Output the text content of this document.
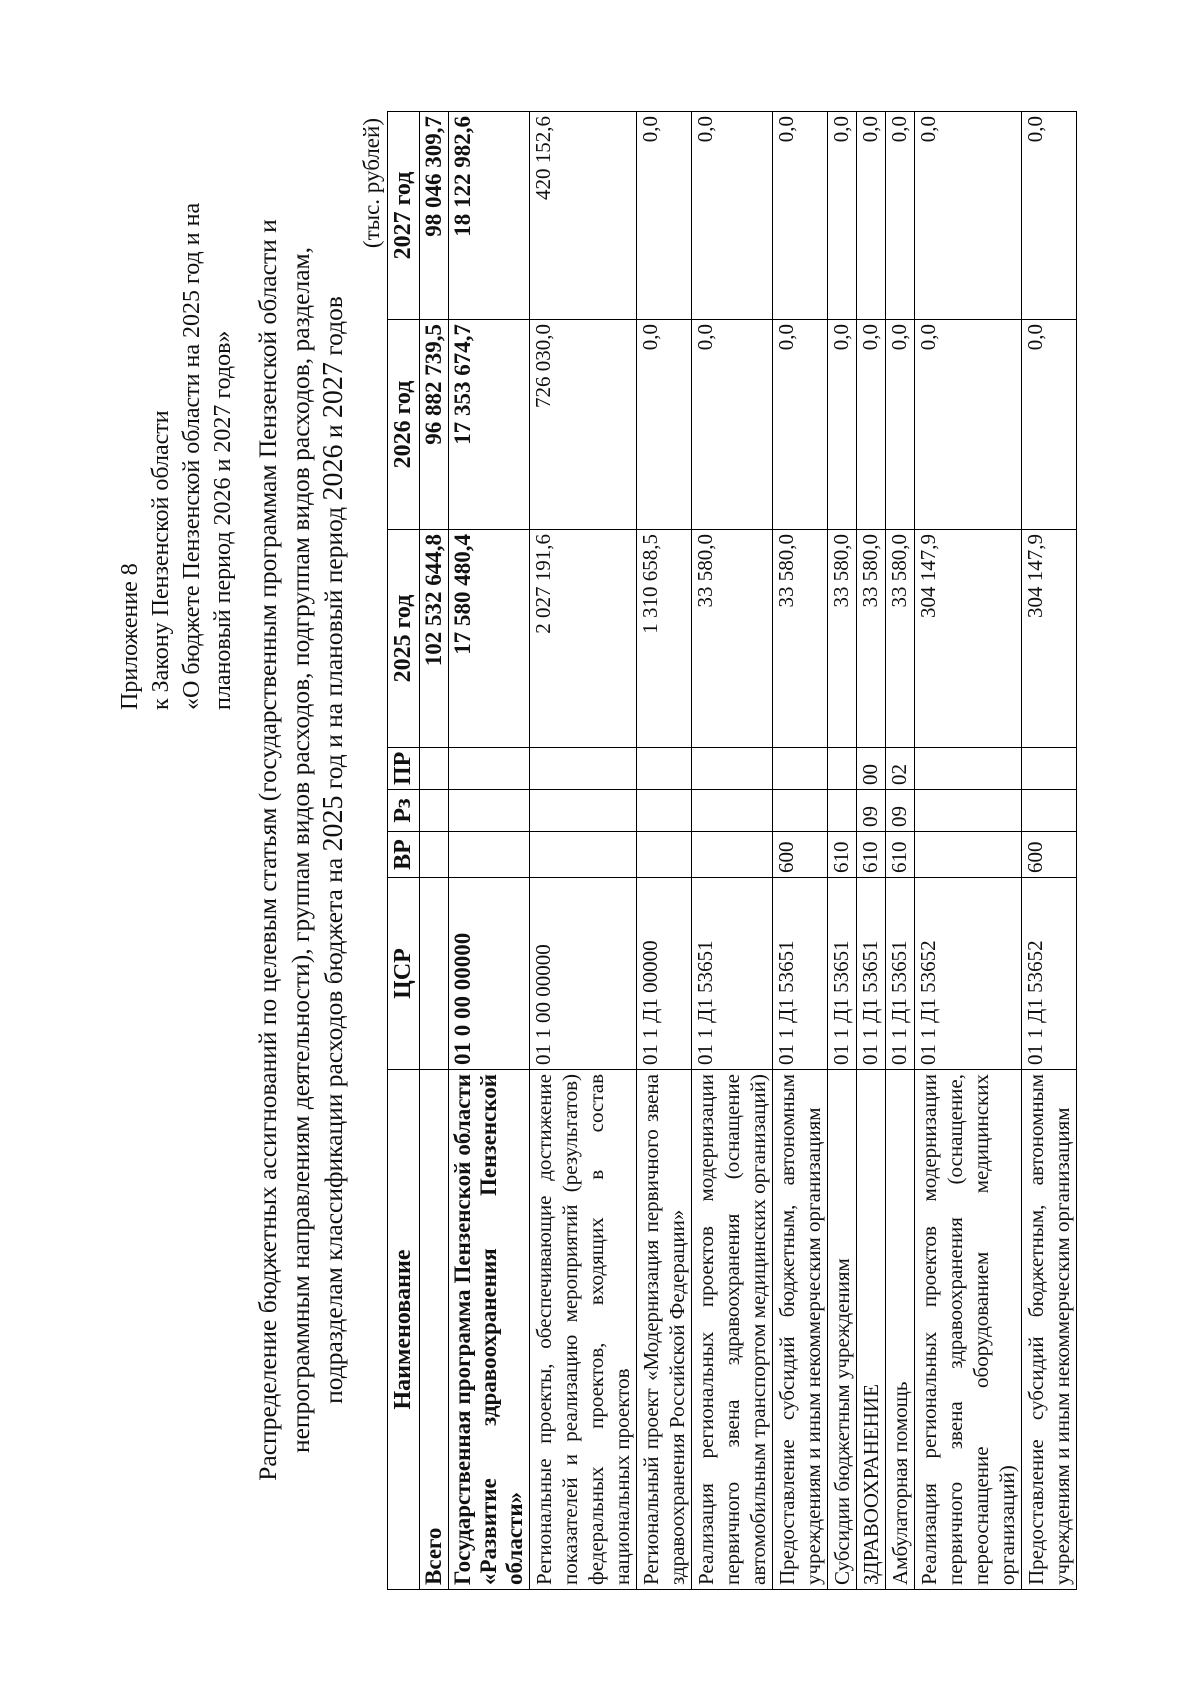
Приложение 8 к Закону Пензенской области «О бюджете Пензенской области на 2025 год и на плановый период 2026 и 2027 годов» Распределение бюджетных ассигнований по целевым статьям (государственным программам Пензенской области и непрограммным направлениям деятельности), группам видов расходов, подгруппам видов расходов, разделам, подразделам классификации расходов бюджета на 2025 год и на плановый период 2026 и 2027 годов
(тыс. рублей)
Наименование	ЦСР	ВР	Рз	ПР	2025 год	2026 год	2027 год
Всего					102 532 644,8	96 882 739,5	98 046 309,7
Государственная программа Пензенской области «Развитие здравоохранения Пензенской области»	01 0 00 00000				17 580 480,4	17 353 674,7	18 122 982,6
Региональные проекты, обеспечивающие достижение показателей и реализацию мероприятий (результатов) федеральных проектов, входящих в состав национальных проектов	01 1 00 00000				2 027 191,6	726 030,0	420 152,6
Региональный проект «Модернизация первичного звена здравоохранения Российской Федерации»	01 1 Д1 00000				1 310 658,5	0,0	0,0
Реализация региональных проектов модернизации первичного звена здравоохранения (оснащение автомобильным транспортом медицинских организаций)	01 1 Д1 53651				33 580,0	0,0	0,0
Предоставление субсидий бюджетным, автономным учреждениям и иным некоммерческим организациям	01 1 Д1 53651	600			33 580,0	0,0	0,0
Субсидии бюджетным учреждениям	01 1 Д1 53651	610			33 580,0	0,0	0,0
ЗДРАВООХРАНЕНИЕ	01 1 Д1 53651	610	09	00	33 580,0	0,0	0,0
Амбулаторная помощь	01 1 Д1 53651	610	09	02	33 580,0	0,0	0,0
Реализация региональных проектов модернизации первичного звена здравоохранения (оснащение, переоснащение оборудованием медицинских организаций)	01 1 Д1 53652				304 147,9	0,0	0,0
Предоставление субсидий бюджетным, автономным учреждениям и иным некоммерческим организациям	01 1 Д1 53652	600			304 147,9	0,0	0,0
